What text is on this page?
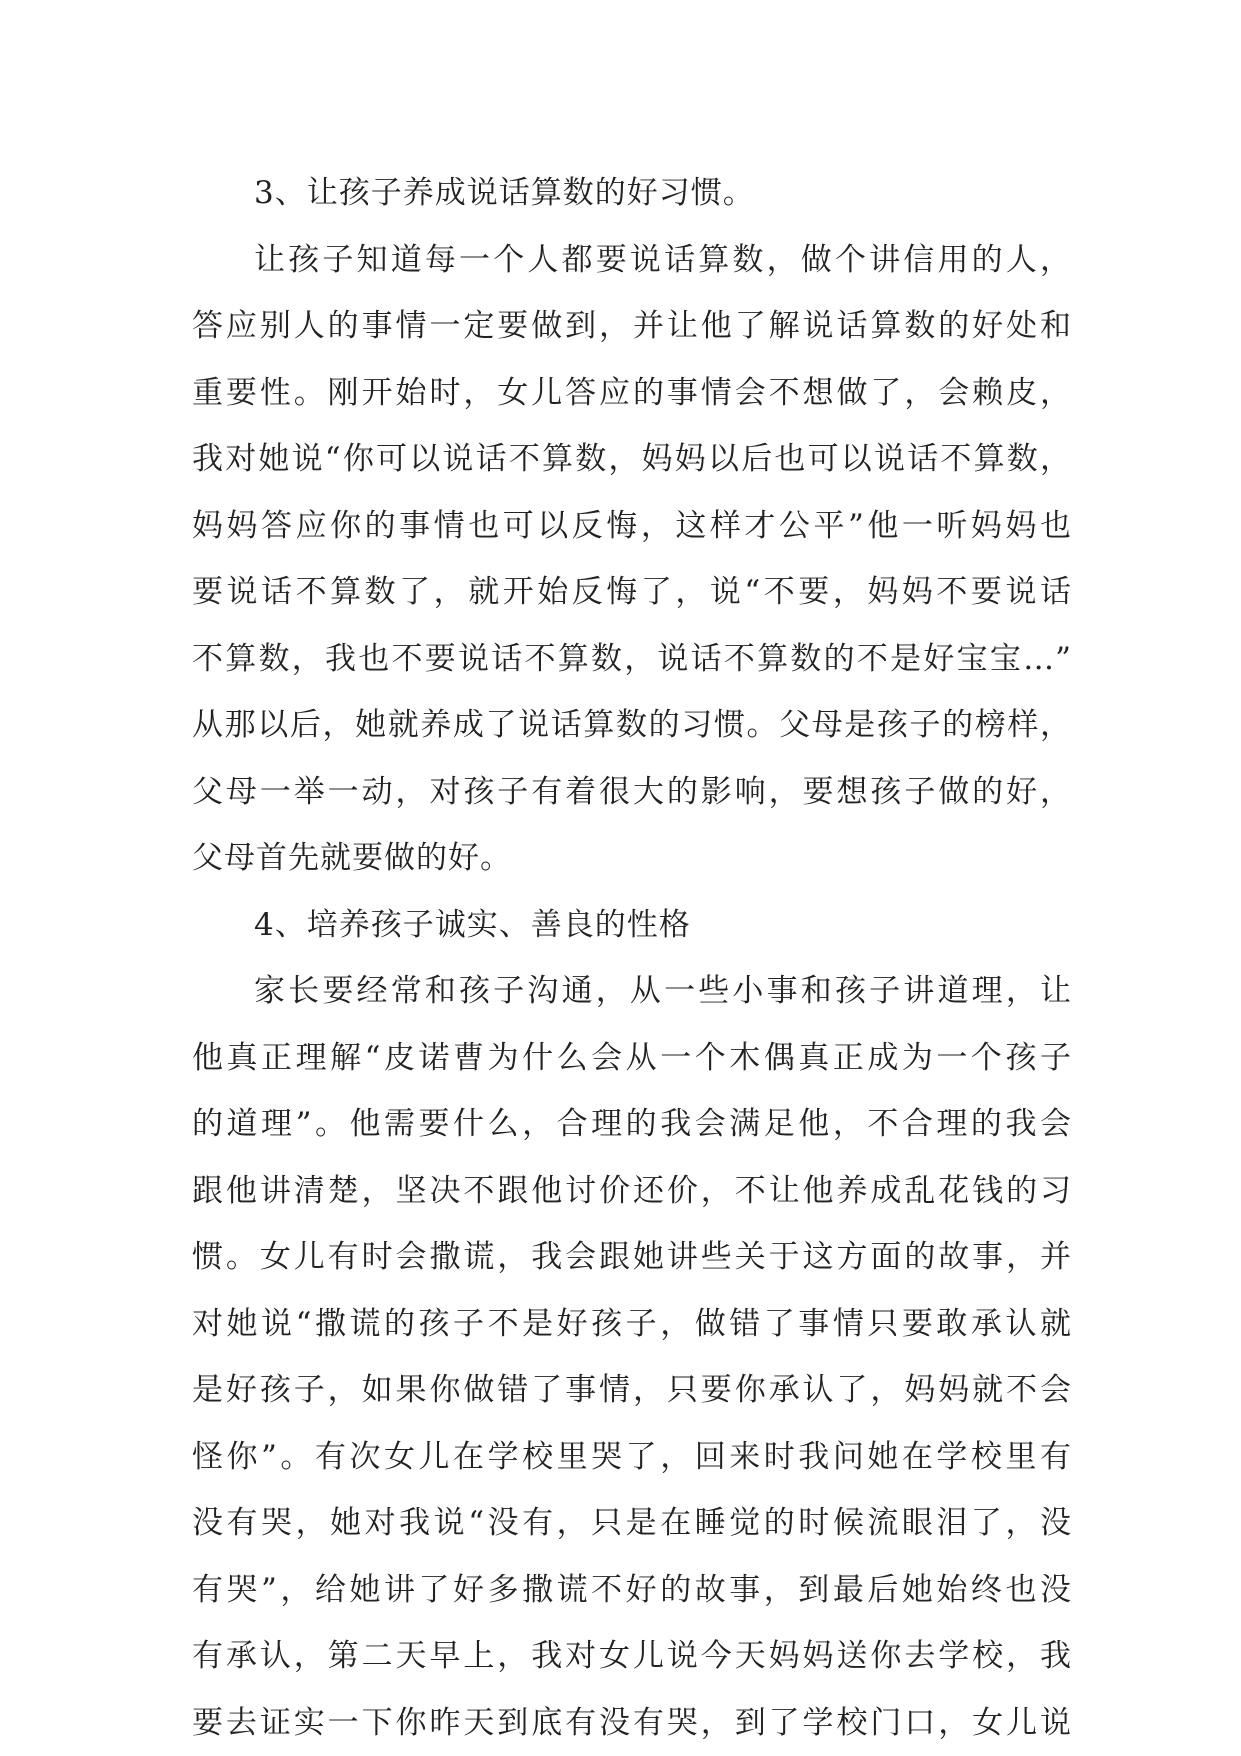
3、让孩子养成说话算数的好习惯。
让孩子知道每一个人都要说话算数，做个讲信用的人，
答应别人的事情一定要做到，并让他了解说话算数的好处和
重要性。刚开始时，女儿答应的事情会不想做了，会赖皮，
我对她说“你可以说话不算数，妈妈以后也可以说话不算数，
妈妈答应你的事情也可以反悔，这样才公平”他一听妈妈也
要说话不算数了，就开始反悔了，说“不要，妈妈不要说话
不算数，我也不要说话不算数，说话不算数的不是好宝宝…”
从那以后，她就养成了说话算数的习惯。父母是孩子的榜样，
父母一举一动，对孩子有着很大的影响，要想孩子做的好，
父母首先就要做的好。
4、培养孩子诚实、善良的性格
家长要经常和孩子沟通，从一些小事和孩子讲道理，让
他真正理解“皮诺曹为什么会从一个木偶真正成为一个孩子
的道理”。他需要什么，合理的我会满足他，不合理的我会
跟他讲清楚，坚决不跟他讨价还价，不让他养成乱花钱的习
惯。女儿有时会撒谎，我会跟她讲些关于这方面的故事，并
对她说“撒谎的孩子不是好孩子，做错了事情只要敢承认就
是好孩子，如果你做错了事情，只要你承认了，妈妈就不会
怪你”。有次女儿在学校里哭了，回来时我问她在学校里有
没有哭，她对我说“没有，只是在睡觉的时候流眼泪了，没
有哭”，给她讲了好多撒谎不好的故事，到最后她始终也没
有承认，第二天早上，我对女儿说今天妈妈送你去学校，我
要去证实一下你昨天到底有没有哭，到了学校门口，女儿说
